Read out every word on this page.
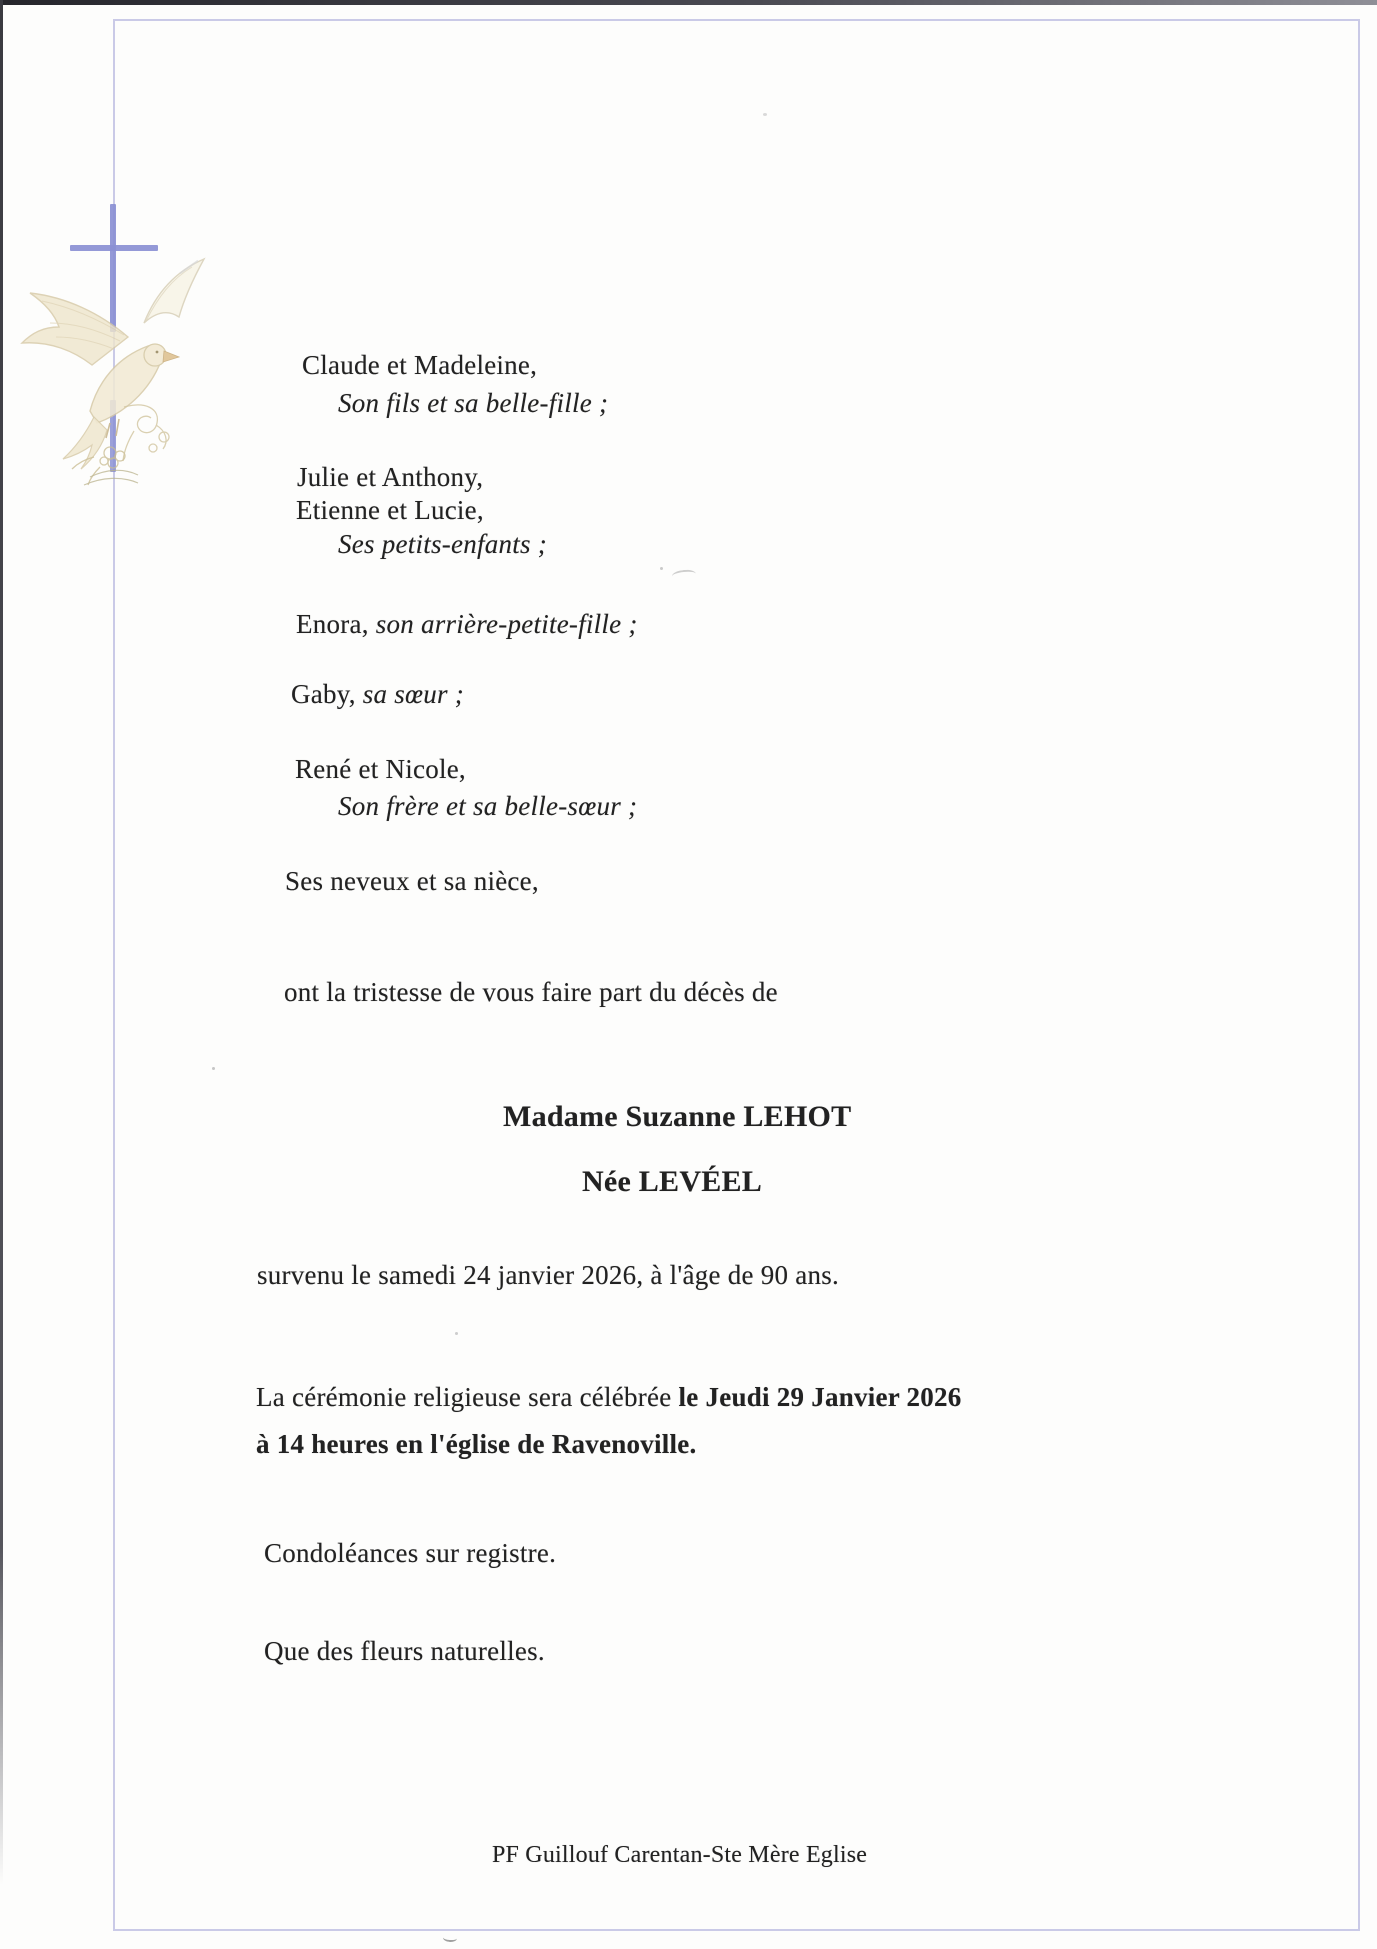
Claude et Madeleine,
Son fils et sa belle-fille ;
Julie et Anthony,
Etienne et Lucie,
Ses petits-enfants ;
Enora, son arrière-petite-fille ;
Gaby, sa sœur ;
René et Nicole,
Son frère et sa belle-sœur ;
Ses neveux et sa nièce,
ont la tristesse de vous faire part du décès de
Madame Suzanne LEHOT
Née LEVÉEL
survenu le samedi 24 janvier 2026, à l'âge de 90 ans.
La cérémonie religieuse sera célébrée le Jeudi 29 Janvier 2026
à 14 heures en l'église de Ravenoville.
Condoléances sur registre.
Que des fleurs naturelles.
PF Guillouf Carentan-Ste Mère Eglise
